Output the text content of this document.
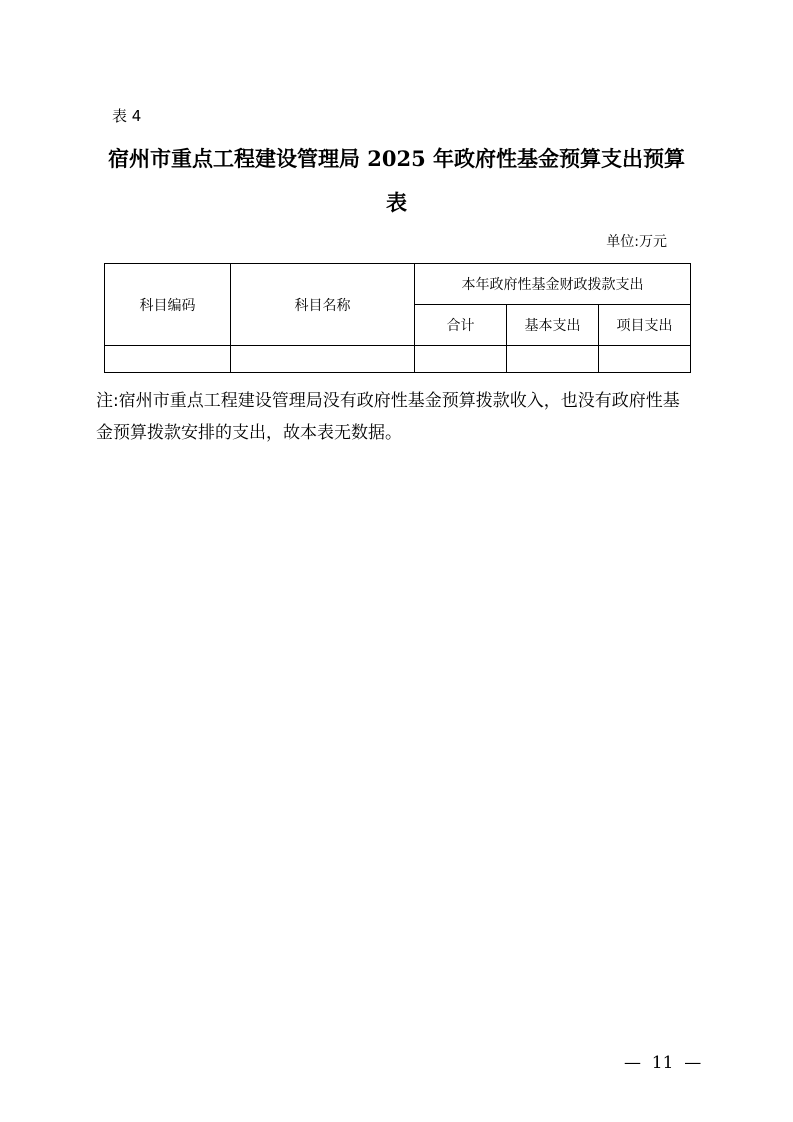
表 4
宿州市重点工程建设管理局 2025 年政府性基金预算支出预算
表
单位:万元
科目编码	科目名称	本年政府性基金财政拨款支出		
		合计	基本支出	项目支出

注:宿州市重点工程建设管理局没有政府性基金预算拨款收入，也没有政府性基金预算拨款安排的支出，故本表无数据。

—  11  —
